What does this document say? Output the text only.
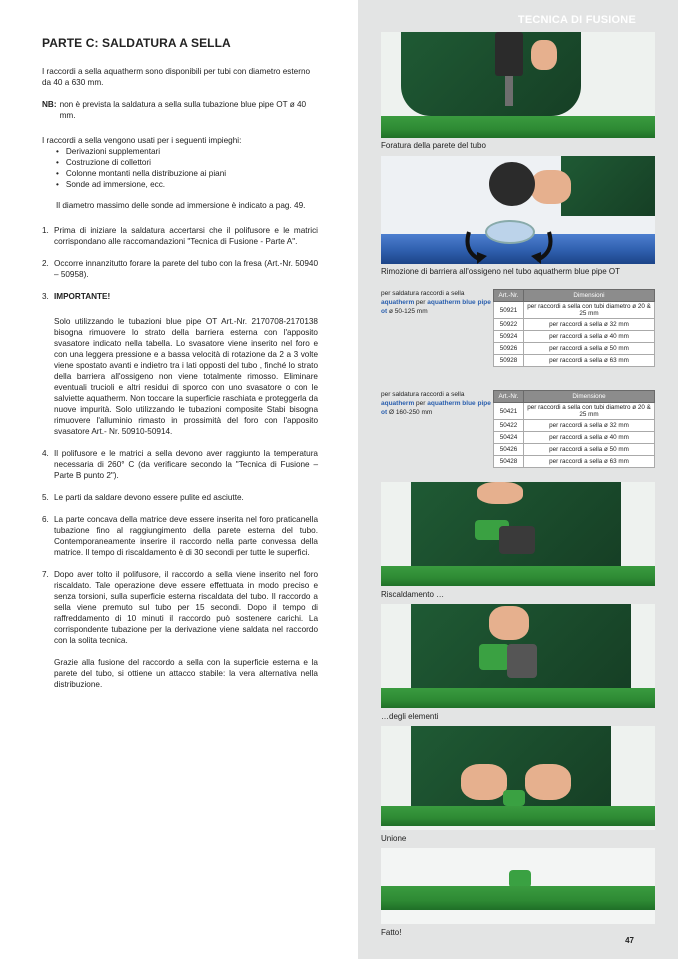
PARTE C: SALDATURA A SELLA

I raccordi a sella aquatherm sono disponibili per tubi con diametro esterno da 40 a 630 mm.

NB: non è prevista la saldatura a sella sulla tubazione blue pipe OT ø 40 mm.

I raccordi a sella vengono usati per i seguenti impieghi:

• Derivazioni supplementari
• Costruzione di collettori
• Colonne montanti nella distribuzione ai piani
• Sonde ad immersione, ecc.

Il diametro massimo delle sonde ad immersione è indicato a pag. 49.

1. Prima di iniziare la saldatura accertarsi che il polifusore e le matrici corrispondano alle raccomandazioni "Tecnica di Fusione - Parte A".
2. Occorre innanzitutto forare la parete del tubo con la fresa (Art.-Nr. 50940 – 50958).
3. IMPORTANTE!

Solo utilizzando le tubazioni blue pipe OT Art.-Nr. 2170708-2170138 bisogna rimuovere lo strato della barriera esterna con l'apposito svasatore indicato nella tabella. Lo svasatore viene inserito nel foro e con una leggera pressione e a bassa velocità di rotazione da 2 a 3 volte viene spostato avanti e indietro tra i lati opposti del tubo , finché lo strato della barriera all'ossigeno non viene totalmente rimosso. Eliminare eventuali trucioli e altri residui di sporco con uno svasatore o con le salviette aquatherm. Non toccare la superficie raschiata e proteggerla da nuove impurità. Solo utilizzando le tubazioni composite Stabi bisogna rimuovere l'alluminio rimasto in prossimità del foro con l'apposito svasatore Art.- Nr. 50910-50914.

4. Il polifusore e le matrici a sella devono aver raggiunto la temperatura necessaria di 260° C (da verificare secondo la "Tecnica di Fusione – Parte B punto 2").
5. Le parti da saldare devono essere pulite ed asciutte.
6. La parte concava della matrice deve essere inserita nel foro praticanella tubazione fino al raggiungimento della parete esterna del tubo. Contemporaneamente inserire il raccordo nella parte convessa della matrice. Il tempo di riscaldamento è di 30 secondi per tutte le superfici.
7. Dopo aver tolto il polifusore, il raccordo a sella viene inserito nel foro riscaldato. Tale operazione deve essere effettuata in modo preciso e senza torsioni, sulla superficie esterna riscaldata del tubo. Il raccordo a sella viene premuto sul tubo per 15 secondi. Dopo il tempo di raffreddamento di 10 minuti il raccordo può sostenere carichi. La corrispondente tubazione per la derivazione viene saldata nel raccordo con la solita tecnica.

Grazie alla fusione del raccordo a sella con la superficie esterna e la parete del tubo, si ottiene un attacco stabile: la vera alternativa nella distribuzione.

TECNICA DI FUSIONE
Foratura della parete del tubo
Rimozione di barriera all'ossigeno nel tubo aquatherm blue pipe OT
per saldatura raccordi a sella
aquatherm per aquatherm blue pipe ot ø 50-125 mm
Art.-Nr.	Dimensioni
50921	per raccordi a sella con tubi diametro ø 20 & 25 mm
50922	per raccordi a sella ø 32 mm
50924	per raccordi a sella ø 40 mm
50926	per raccordi a sella ø 50 mm
50928	per raccordi a sella ø 63 mm
per saldatura raccordi a sella
aquatherm per aquatherm blue pipe ot Ø 160-250 mm
Art.-Nr.	Dimensione
50421	per raccordi a sella con tubi diametro ø 20 & 25 mm
50422	per raccordi a sella ø 32 mm
50424	per raccordi a sella ø 40 mm
50426	per raccordi a sella ø 50 mm
50428	per raccordi a sella ø 63 mm
Riscaldamento …
…degli elementi
Unione
Fatto!
47
